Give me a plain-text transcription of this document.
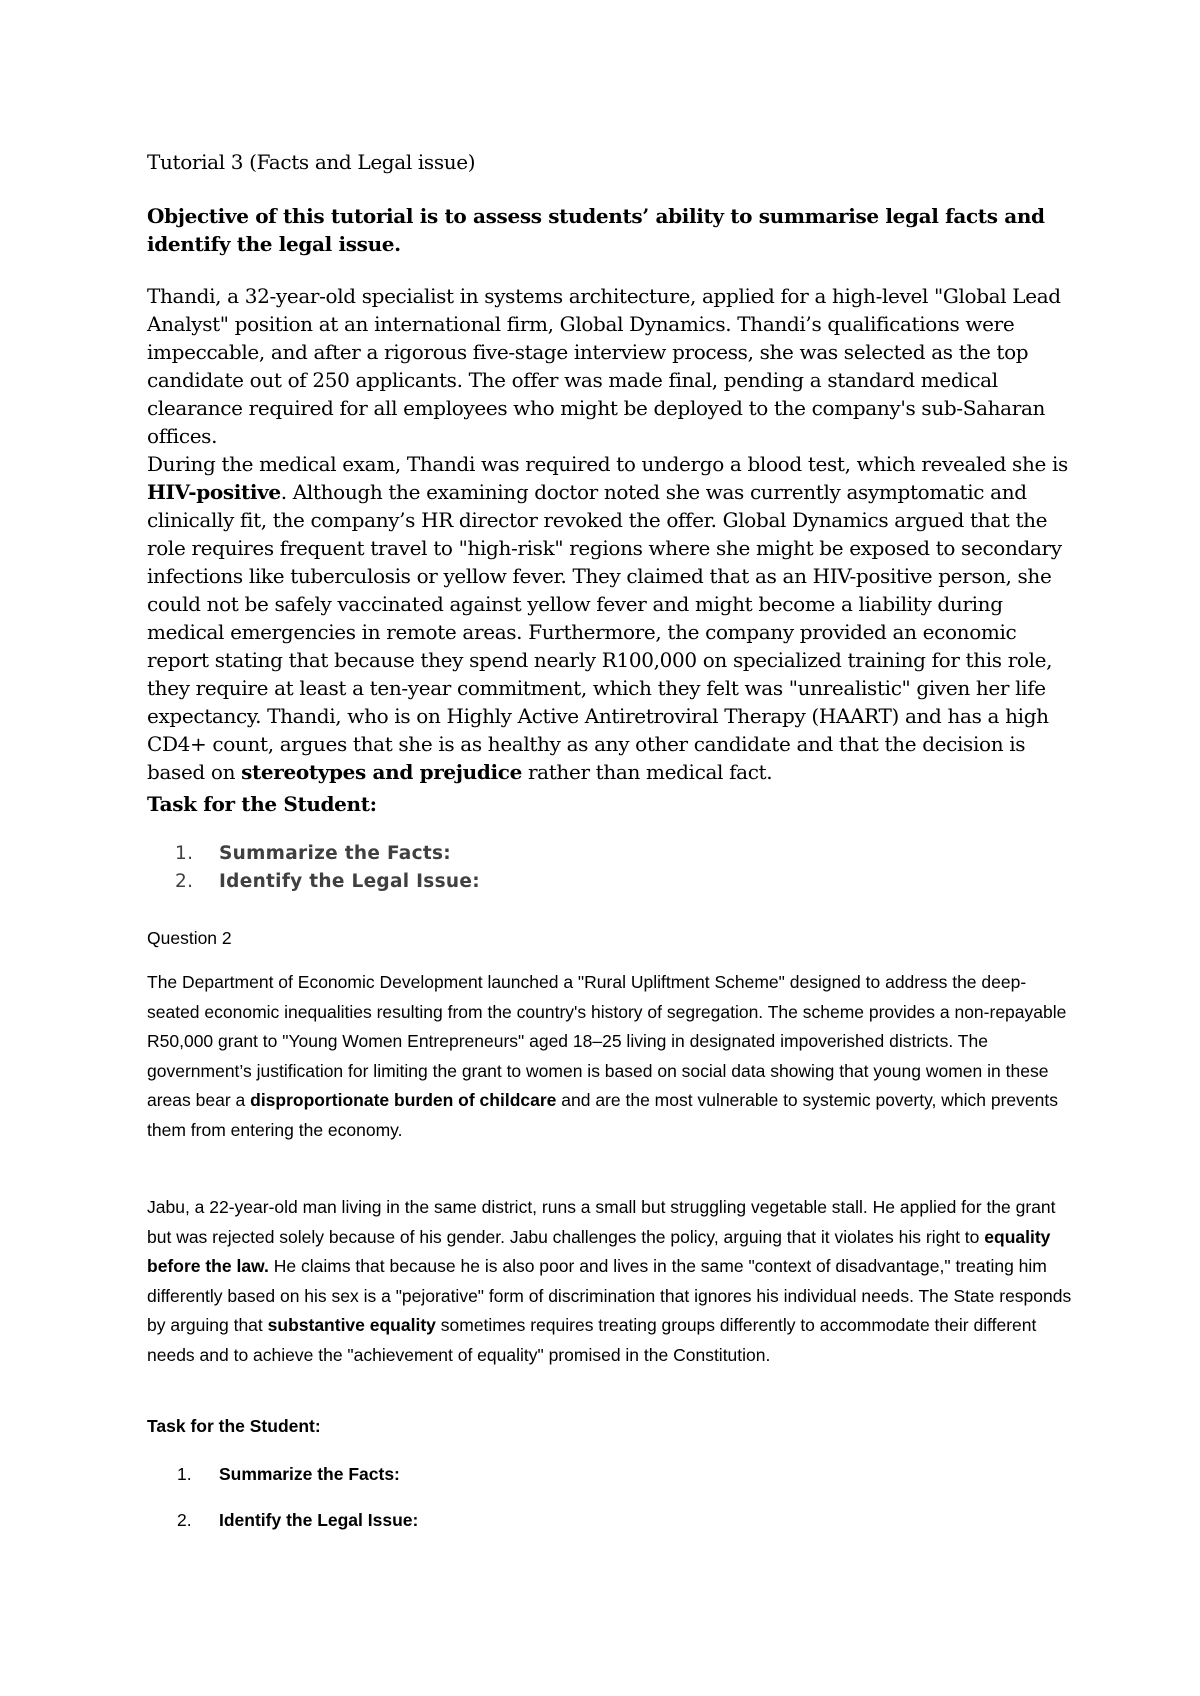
Tutorial 3 (Facts and Legal issue)

Objective of this tutorial is to assess students’ ability to summarise legal facts and identify the legal issue.

Thandi, a 32-year-old specialist in systems architecture, applied for a high-level "Global Lead Analyst" position at an international firm, Global Dynamics. Thandi’s qualifications were impeccable, and after a rigorous five-stage interview process, she was selected as the top candidate out of 250 applicants. The offer was made final, pending a standard medical clearance required for all employees who might be deployed to the company's sub-Saharan offices.
During the medical exam, Thandi was required to undergo a blood test, which revealed she is HIV-positive. Although the examining doctor noted she was currently asymptomatic and clinically fit, the company’s HR director revoked the offer. Global Dynamics argued that the role requires frequent travel to "high-risk" regions where she might be exposed to secondary infections like tuberculosis or yellow fever. They claimed that as an HIV-positive person, she could not be safely vaccinated against yellow fever and might become a liability during medical emergencies in remote areas. Furthermore, the company provided an economic report stating that because they spend nearly R100,000 on specialized training for this role, they require at least a ten-year commitment, which they felt was "unrealistic" given her life expectancy. Thandi, who is on Highly Active Antiretroviral Therapy (HAART) and has a high CD4+ count, argues that she is as healthy as any other candidate and that the decision is based on stereotypes and prejudice rather than medical fact.

Task for the Student:

1. Summarize the Facts:
2. Identify the Legal Issue:

Question 2

The Department of Economic Development launched a "Rural Upliftment Scheme" designed to address the deep-seated economic inequalities resulting from the country's history of segregation. The scheme provides a non-repayable R50,000 grant to "Young Women Entrepreneurs" aged 18–25 living in designated impoverished districts. The government’s justification for limiting the grant to women is based on social data showing that young women in these areas bear a disproportionate burden of childcare and are the most vulnerable to systemic poverty, which prevents them from entering the economy.

Jabu, a 22-year-old man living in the same district, runs a small but struggling vegetable stall. He applied for the grant but was rejected solely because of his gender. Jabu challenges the policy, arguing that it violates his right to equality before the law. He claims that because he is also poor and lives in the same "context of disadvantage," treating him differently based on his sex is a "pejorative" form of discrimination that ignores his individual needs. The State responds by arguing that substantive equality sometimes requires treating groups differently to accommodate their different needs and to achieve the "achievement of equality" promised in the Constitution.

Task for the Student:

1. Summarize the Facts:
2. Identify the Legal Issue:
